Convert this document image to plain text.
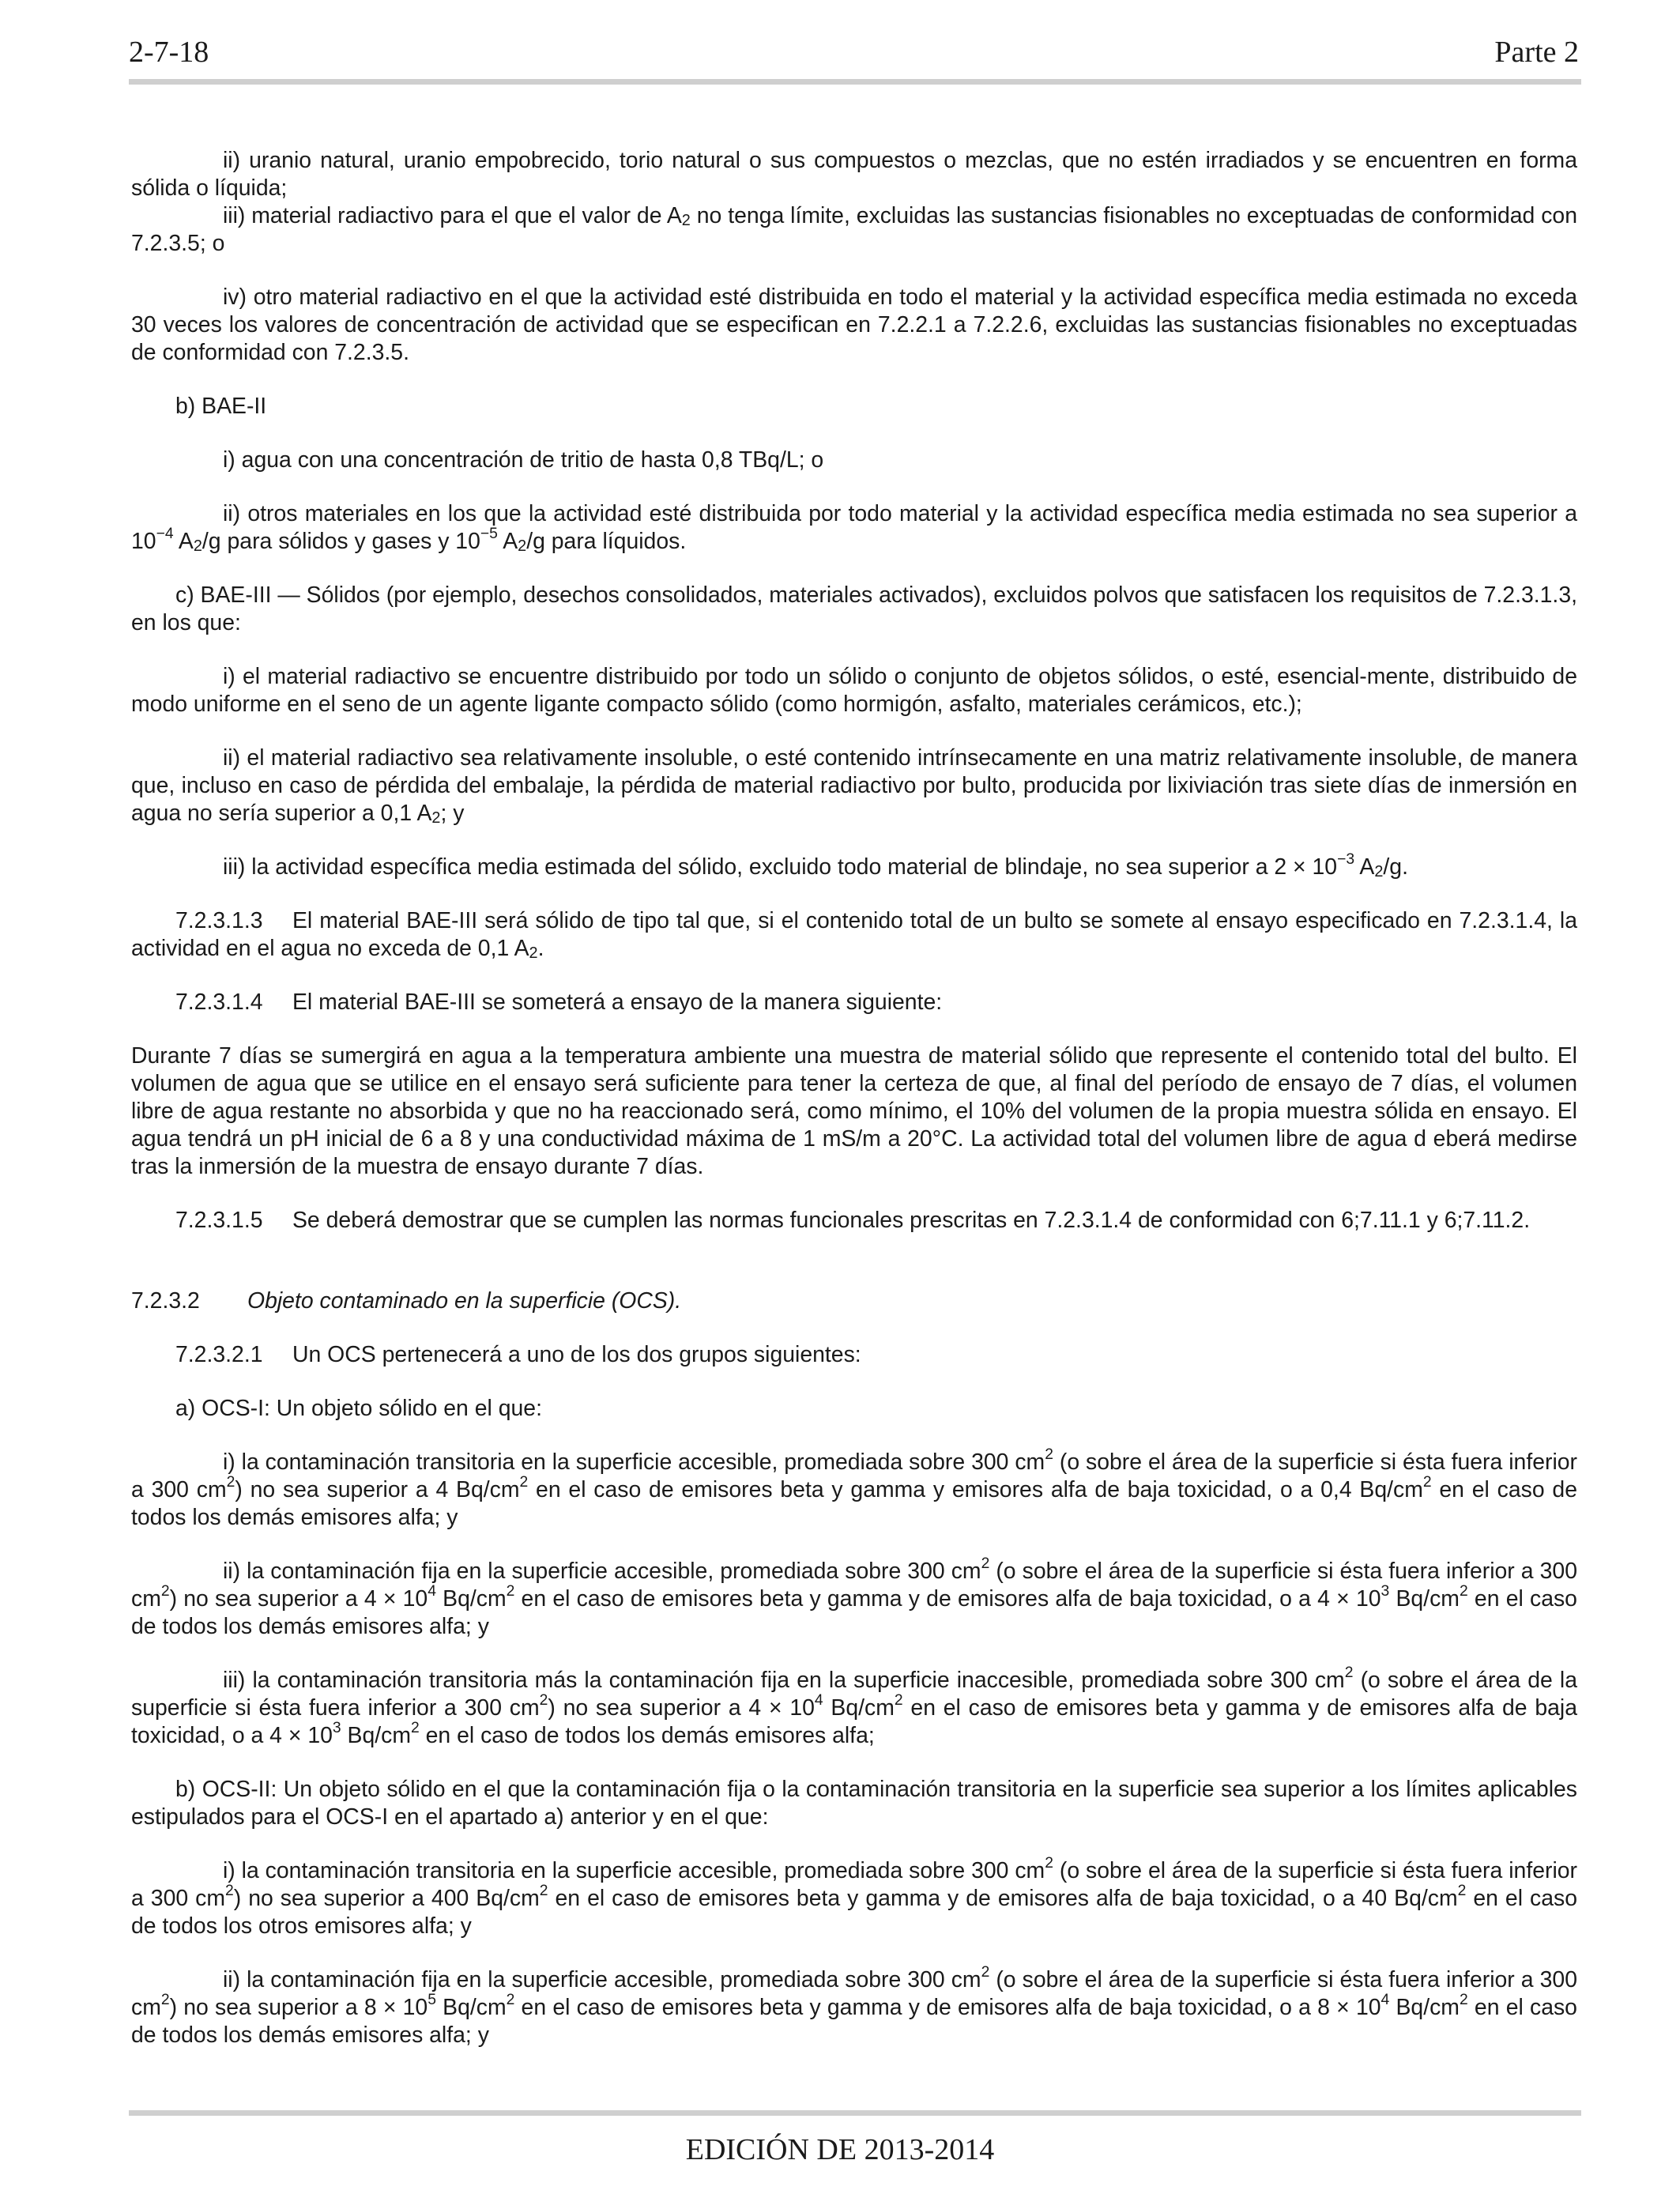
2-7-18	Parte 2

ii) uranio natural, uranio empobrecido, torio natural o sus compuestos o mezclas, que no estén irradiados y se encuentren en forma sólida o líquida;

iii) material radiactivo para el que el valor de $A_2$ no tenga límite, excluidas las sustancias fisionables no exceptuadas de conformidad con 7.2.3.5; o

iv) otro material radiactivo en el que la actividad esté distribuida en todo el material y la actividad específica media estimada no exceda 30 veces los valores de concentración de actividad que se especifican en 7.2.2.1 a 7.2.2.6, excluidas las sustancias fisionables no exceptuadas de conformidad con 7.2.3.5.

b) BAE-II

i) agua con una concentración de tritio de hasta 0,8 TBq/L; o

ii) otros materiales en los que la actividad esté distribuida por todo material y la actividad específica media estimada no sea superior a $10^{-4}$ $A_2/g$ para sólidos y gases y $10^{-5}$ $A_2/g$ para líquidos.

c) BAE-III — Sólidos (por ejemplo, desechos consolidados, materiales activados), excluidos polvos que satisfacen los requisitos de 7.2.3.1.3, en los que:

i) el material radiactivo se encuentre distribuido por todo un sólido o conjunto de objetos sólidos, o esté, esencial-mente, distribuido de modo uniforme en el seno de un agente ligante compacto sólido (como hormigón, asfalto, materiales cerámicos, etc.);

ii) el material radiactivo sea relativamente insoluble, o esté contenido intrínsecamente en una matriz relativamente insoluble, de manera que, incluso en caso de pérdida del embalaje, la pérdida de material radiactivo por bulto, producida por lixiviación tras siete días de inmersión en agua no sería superior a 0,1 $A_2$; y

iii) la actividad específica media estimada del sólido, excluido todo material de blindaje, no sea superior a $2 \times 10^{-3}$ $A_2/g$.

7.2.3.1.3 El material BAE-III será sólido de tipo tal que, si el contenido total de un bulto se somete al ensayo especificado en 7.2.3.1.4, la actividad en el agua no exceda de 0,1 $A_2$.

7.2.3.1.4 El material BAE-III se someterá a ensayo de la manera siguiente:

Durante 7 días se sumergirá en agua a la temperatura ambiente una muestra de material sólido que represente el contenido total del bulto. El volumen de agua que se utilice en el ensayo será suficiente para tener la certeza de que, al final del período de ensayo de 7 días, el volumen libre de agua restante no absorbida y que no ha reaccionado será, como mínimo, el 10% del volumen de la propia muestra sólida en ensayo. El agua tendrá un pH inicial de 6 a 8 y una conductividad máxima de 1 mS/m a 20°C. La actividad total del volumen libre de agua d eberá medirse tras la inmersión de la muestra de ensayo durante 7 días.

7.2.3.1.5 Se deberá demostrar que se cumplen las normas funcionales prescritas en 7.2.3.1.4 de conformidad con 6;7.11.1 y 6;7.11.2.

7.2.3.2 Objeto contaminado en la superficie (OCS).

7.2.3.2.1 Un OCS pertenecerá a uno de los dos grupos siguientes:

a) OCS-I: Un objeto sólido en el que:

i) la contaminación transitoria en la superficie accesible, promediada sobre 300 $cm^2$ (o sobre el área de la superficie si ésta fuera inferior a 300 $cm^2$) no sea superior a 4 $Bq/cm^2$ en el caso de emisores beta y gamma y emisores alfa de baja toxicidad, o a 0,4 $Bq/cm^2$ en el caso de todos los demás emisores alfa; y

ii) la contaminación fija en la superficie accesible, promediada sobre 300 $cm^2$ (o sobre el área de la superficie si ésta fuera inferior a 300 $cm^2$) no sea superior a $4 \times 10^4$ $Bq/cm^2$ en el caso de emisores beta y gamma y de emisores alfa de baja toxicidad, o a $4 \times 10^3$ $Bq/cm^2$ en el caso de todos los demás emisores alfa; y

iii) la contaminación transitoria más la contaminación fija en la superficie inaccesible, promediada sobre 300 $cm^2$ (o sobre el área de la superficie si ésta fuera inferior a 300 $cm^2$) no sea superior a $4 \times 10^4$ $Bq/cm^2$ en el caso de emisores beta y gamma y de emisores alfa de baja toxicidad, o a $4 \times 10^3$ $Bq/cm^2$ en el caso de todos los demás emisores alfa;

b) OCS-II: Un objeto sólido en el que la contaminación fija o la contaminación transitoria en la superficie sea superior a los límites aplicables estipulados para el OCS-I en el apartado a) anterior y en el que:

i) la contaminación transitoria en la superficie accesible, promediada sobre 300 $cm^2$ (o sobre el área de la superficie si ésta fuera inferior a 300 $cm^2$) no sea superior a 400 $Bq/cm^2$ en el caso de emisores beta y gamma y de emisores alfa de baja toxicidad, o a 40 $Bq/cm^2$ en el caso de todos los otros emisores alfa; y

ii) la contaminación fija en la superficie accesible, promediada sobre 300 $cm^2$ (o sobre el área de la superficie si ésta fuera inferior a 300 $cm^2$) no sea superior a $8 \times 10^5$ $Bq/cm^2$ en el caso de emisores beta y gamma y de emisores alfa de baja toxicidad, o a $8 \times 10^4$ $Bq/cm^2$ en el caso de todos los demás emisores alfa; y

EDICIÓN DE 2013-2014
